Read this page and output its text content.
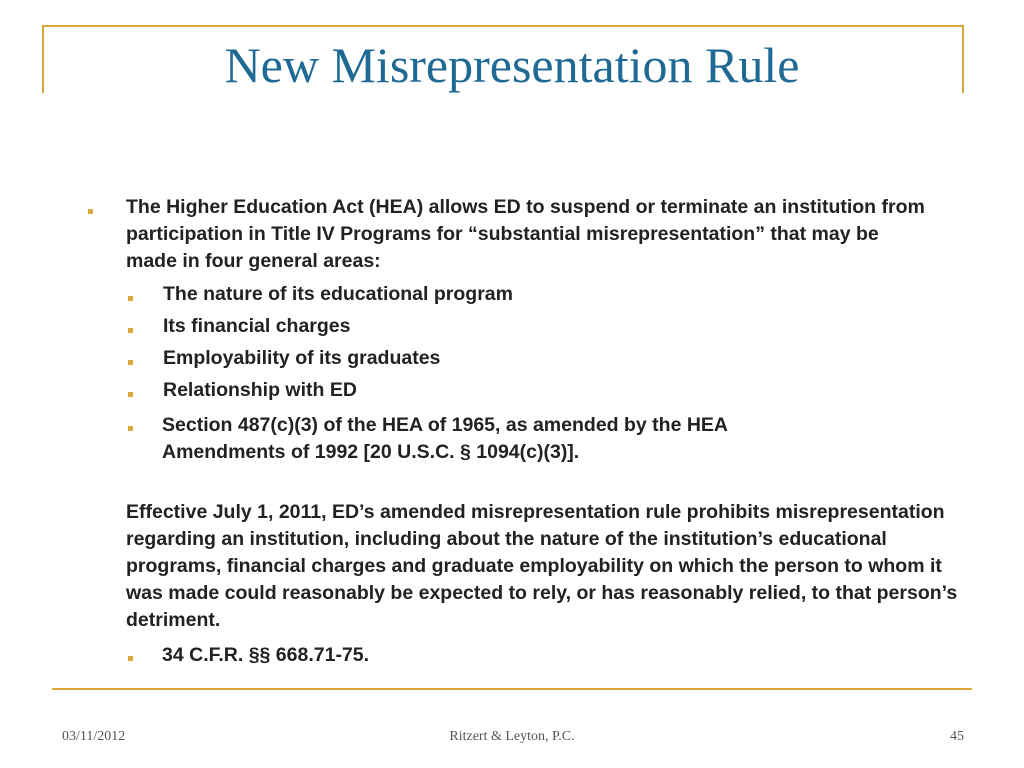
New Misrepresentation Rule
The Higher Education Act (HEA) allows ED to suspend or terminate an institution from participation in Title IV Programs for “substantial misrepresentation” that may be made in four general areas:
The nature of its educational program
Its financial charges
Employability of its graduates
Relationship with ED
Section 487(c)(3) of the HEA of 1965, as amended by the HEA Amendments of 1992 [20 U.S.C. § 1094(c)(3)].
Effective July 1, 2011, ED’s amended misrepresentation rule prohibits misrepresentation regarding an institution, including about the nature of the institution’s educational programs, financial charges and graduate employability on which the person to whom it was made could reasonably be expected to rely, or has reasonably relied, to that person’s detriment.
34 C.F.R. §§ 668.71-75.
03/11/2012	Ritzert & Leyton, P.C.	45
